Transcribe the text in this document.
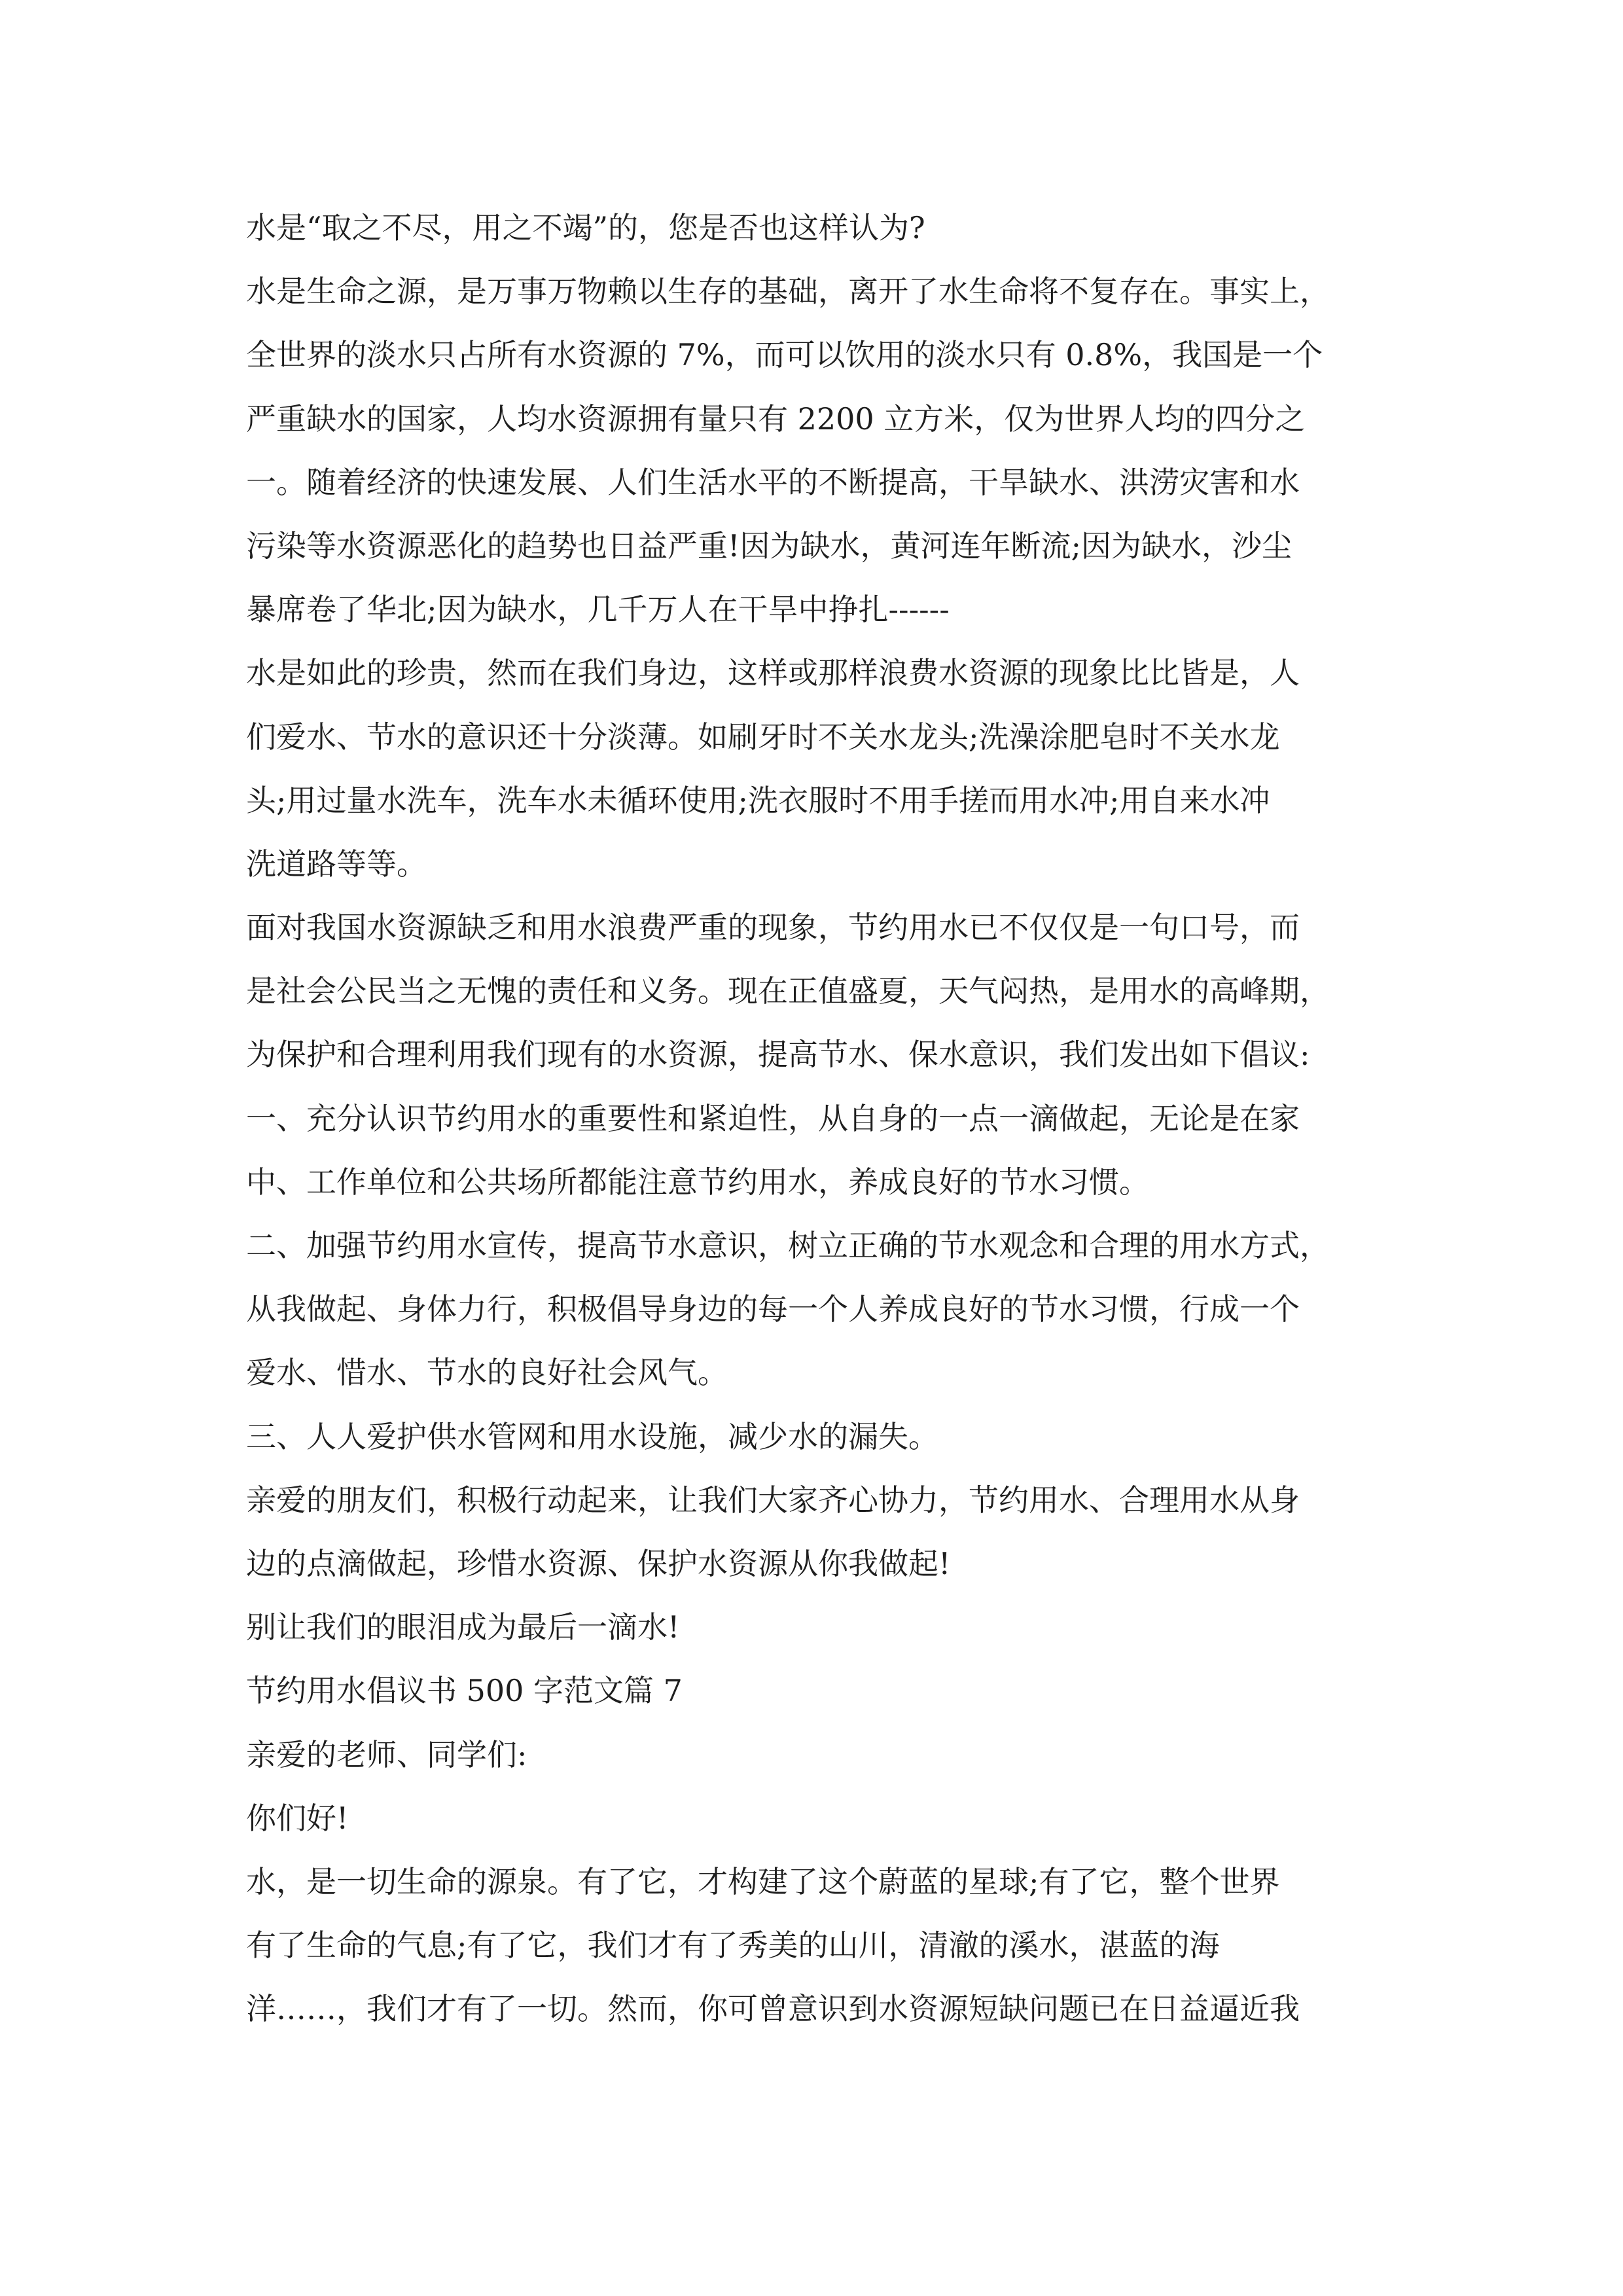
水是“取之不尽，用之不竭”的，您是否也这样认为?
水是生命之源，是万事万物赖以生存的基础，离开了水生命将不复存在。事实上，
全世界的淡水只占所有水资源的 7%，而可以饮用的淡水只有 0.8%，我国是一个
严重缺水的国家，人均水资源拥有量只有 2200 立方米，仅为世界人均的四分之
一。随着经济的快速发展、人们生活水平的不断提高，干旱缺水、洪涝灾害和水
污染等水资源恶化的趋势也日益严重!因为缺水，黄河连年断流;因为缺水，沙尘
暴席卷了华北;因为缺水，几千万人在干旱中挣扎------
水是如此的珍贵，然而在我们身边，这样或那样浪费水资源的现象比比皆是，人
们爱水、节水的意识还十分淡薄。如刷牙时不关水龙头;洗澡涂肥皂时不关水龙
头;用过量水洗车，洗车水未循环使用;洗衣服时不用手搓而用水冲;用自来水冲
洗道路等等。
面对我国水资源缺乏和用水浪费严重的现象，节约用水已不仅仅是一句口号，而
是社会公民当之无愧的责任和义务。现在正值盛夏，天气闷热，是用水的高峰期，
为保护和合理利用我们现有的水资源，提高节水、保水意识，我们发出如下倡议:
一、充分认识节约用水的重要性和紧迫性，从自身的一点一滴做起，无论是在家
中、工作单位和公共场所都能注意节约用水，养成良好的节水习惯。
二、加强节约用水宣传，提高节水意识，树立正确的节水观念和合理的用水方式，
从我做起、身体力行，积极倡导身边的每一个人养成良好的节水习惯，行成一个
爱水、惜水、节水的良好社会风气。
三、人人爱护供水管网和用水设施，减少水的漏失。
亲爱的朋友们，积极行动起来，让我们大家齐心协力，节约用水、合理用水从身
边的点滴做起，珍惜水资源、保护水资源从你我做起!
别让我们的眼泪成为最后一滴水!
节约用水倡议书 500 字范文篇 7
亲爱的老师、同学们:
你们好!
水，是一切生命的源泉。有了它，才构建了这个蔚蓝的星球;有了它，整个世界
有了生命的气息;有了它，我们才有了秀美的山川，清澈的溪水，湛蓝的海
洋……，我们才有了一切。然而，你可曾意识到水资源短缺问题已在日益逼近我
